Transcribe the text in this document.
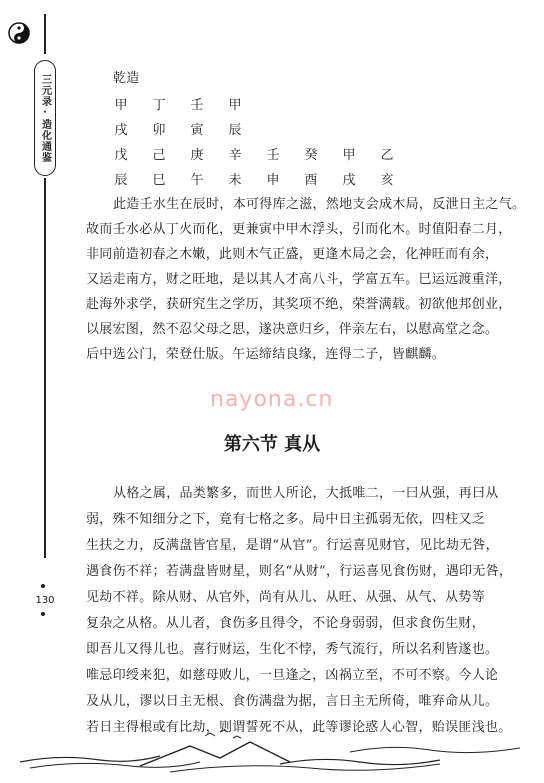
三元录·造化通鉴
130
乾造
甲 丁 壬 甲
戌 卯 寅 辰
戊 己 庚 辛 壬 癸 甲 乙
辰 巳 午 未 申 酉 戌 亥
此造壬水生在辰时，本可得库之滋，然地支会成木局，反泄日主之气。
故而壬水必从丁火而化，更兼寅中甲木浮头，引而化木。时值阳春二月，
非同前造初春之木嫩，此则木气正盛，更逢木局之会，化神旺而有余，
又运走南方，财之旺地，是以其人才高八斗，学富五车。巳运远渡重洋，
赴海外求学，获研究生之学历，其奖项不绝，荣誉满载。初欲他邦创业，
以展宏图，然不忍父母之思，遂决意归乡，伴亲左右，以慰高堂之念。
后中选公门，荣登仕版。午运缔结良缘，连得二子，皆麒麟。
nayona.cn
第六节 真从
从格之属，品类繁多，而世人所论，大抵唯二，一曰从强，再曰从
弱，殊不知细分之下，竟有七格之多。局中日主孤弱无依，四柱又乏
生扶之力，反满盘皆官星，是谓“从官”。行运喜见财官，见比劫无咎，
遇食伤不祥；若满盘皆财星，则名“从财”，行运喜见食伤财，遇印无咎，
见劫不祥。除从财、从官外，尚有从儿、从旺、从强、从气、从势等
复杂之从格。从儿者，食伤多且得令，不论身弱弱，但求食伤生财，
即吾儿又得儿也。喜行财运，生化不悖，秀气流行，所以名利皆遂也。
唯忌印绶来犯，如慈母败儿，一旦逢之，凶祸立至，不可不察。今人论
及从儿，谬以日主无根、食伤满盘为据，言日主无所倚，唯弃命从儿。
若日主得根或有比劫，则谓誓死不从，此等谬论惑人心智，贻误匪浅也。
